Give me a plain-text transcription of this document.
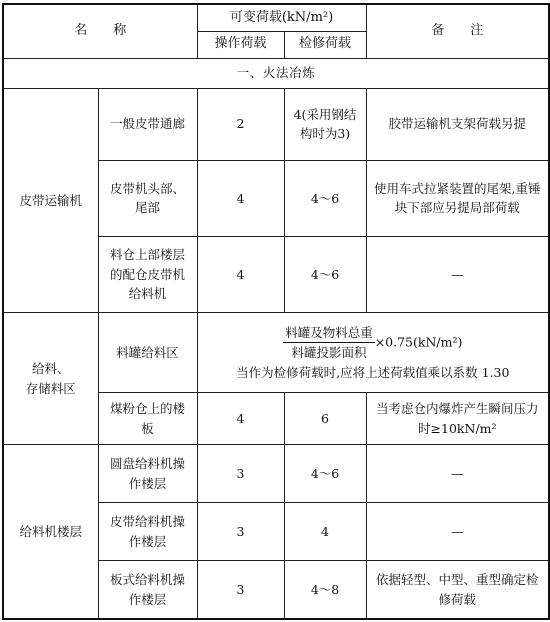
名　　称		可变荷载(kN/m²)		备　　注
		操作荷载	检修荷载	
一、火法冶炼				
皮带运输机	一般皮带通廊	2	4(采用钢结构时为3)	胶带运输机支架荷载另提
	皮带机头部、尾部	4	4～6	使用车式拉紧装置的尾架,重锤块下部应另提局部荷载
	料仓上部楼层的配仓皮带机给料机	4	4～6	—
给料、
存储料区	料罐给料区	$\frac{\text{料罐及物料总重}}{\text{料罐投影面积}} \times 0.75(kN/m^2)$
当作为检修荷载时,应将上述荷载值乘以系数 1.30		

	煤粉仓上的楼板	4	6	当考虑仓内爆炸产生瞬间压力时≥10kN/m²
给料机楼层	圆盘给料机操作楼层	3	4～6	—
	皮带给料机操作楼层	3	4	—
	板式给料机操作楼层	3	4～8	依据轻型、中型、重型确定检修荷载
